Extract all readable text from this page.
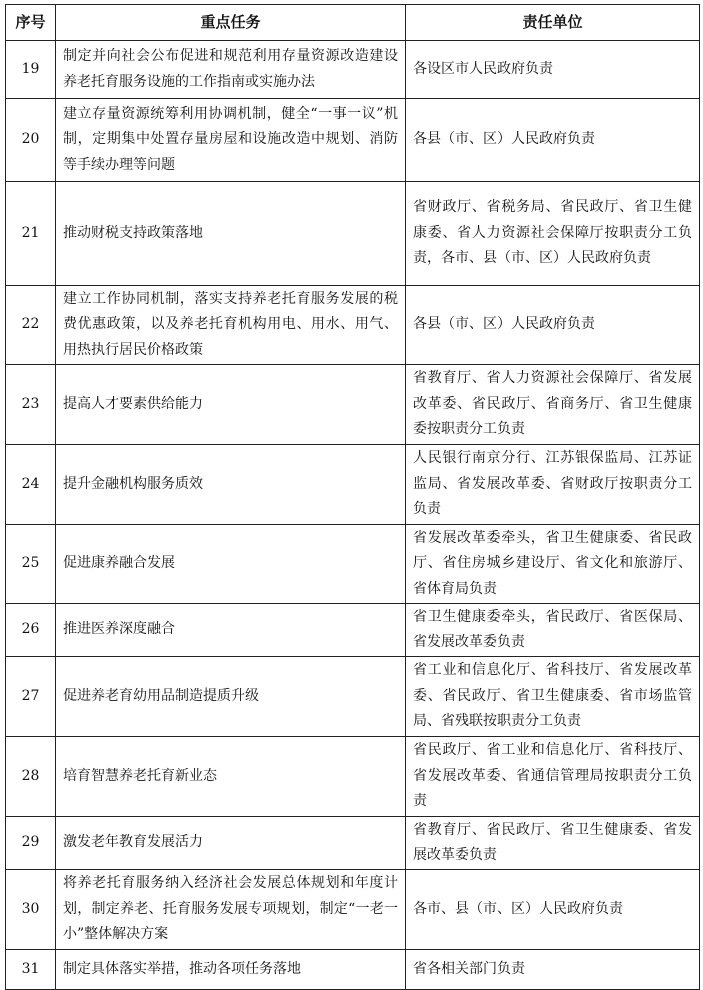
序号	重点任务	责任单位
19	制定并向社会公布促进和规范利用存量资源改造建设养老托育服务设施的工作指南或实施办法	各设区市人民政府负责
20	建立存量资源统筹利用协调机制，健全“一事一议”机制，定期集中处置存量房屋和设施改造中规划、消防等手续办理等问题	各县（市、区）人民政府负责
21	推动财税支持政策落地	省财政厅、省税务局、省民政厅、省卫生健康委、省人力资源社会保障厅按职责分工负责，各市、县（市、区）人民政府负责
22	建立工作协同机制，落实支持养老托育服务发展的税费优惠政策，以及养老托育机构用电、用水、用气、用热执行居民价格政策	各县（市、区）人民政府负责
23	提高人才要素供给能力	省教育厅、省人力资源社会保障厅、省发展改革委、省民政厅、省商务厅、省卫生健康委按职责分工负责
24	提升金融机构服务质效	人民银行南京分行、江苏银保监局、江苏证监局、省发展改革委、省财政厅按职责分工负责
25	促进康养融合发展	省发展改革委牵头，省卫生健康委、省民政厅、省住房城乡建设厅、省文化和旅游厅、省体育局负责
26	推进医养深度融合	省卫生健康委牵头，省民政厅、省医保局、省发展改革委负责
27	促进养老育幼用品制造提质升级	省工业和信息化厅、省科技厅、省发展改革委、省民政厅、省卫生健康委、省市场监管局、省残联按职责分工负责
28	培育智慧养老托育新业态	省民政厅、省工业和信息化厅、省科技厅、省发展改革委、省通信管理局按职责分工负责
29	激发老年教育发展活力	省教育厅、省民政厅、省卫生健康委、省发展改革委负责
30	将养老托育服务纳入经济社会发展总体规划和年度计划，制定养老、托育服务发展专项规划，制定“一老一小”整体解决方案	各市、县（市、区）人民政府负责
31	制定具体落实举措，推动各项任务落地	省各相关部门负责
